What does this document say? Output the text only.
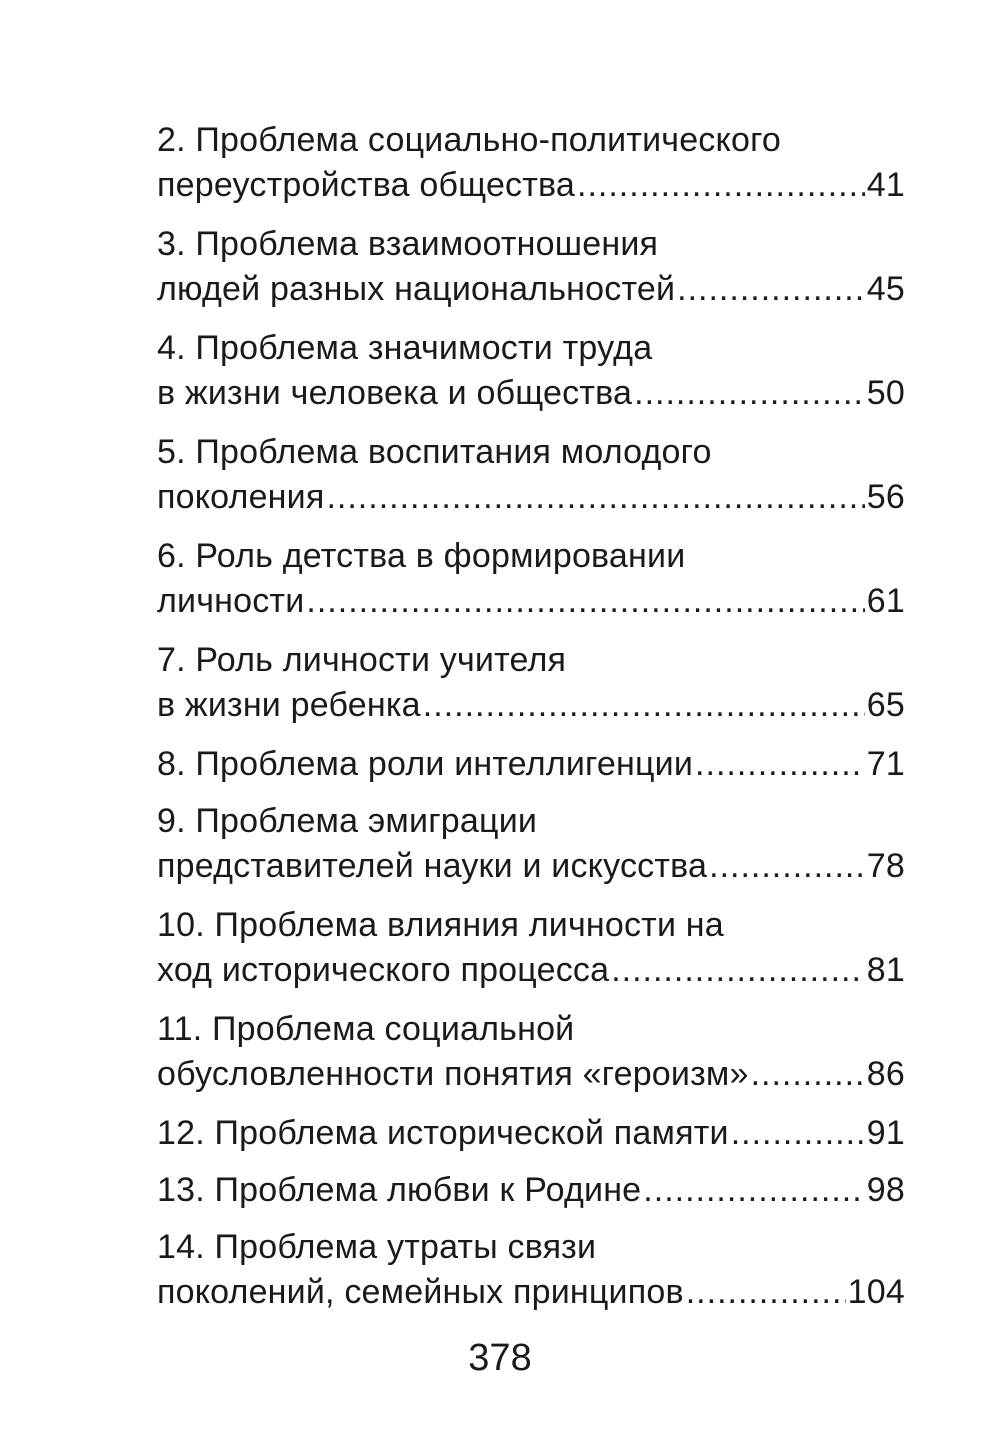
2. Проблема социально-политического
переустройства общества .....	41
3. Проблема взаимоотношения
людей разных национальностей .....	45
4. Проблема значимости труда
в жизни человека и общества .....	50
5. Проблема воспитания молодого
поколения .....	56
6. Роль детства в формировании
личности .....	61
7. Роль личности учителя
в жизни ребенка .....	65
8. Проблема роли интеллигенции .....	71
9. Проблема эмиграции
представителей науки и искусства .....	78
10. Проблема влияния личности на
ход исторического процесса .....	81
11. Проблема социальной
обусловленности понятия «героизм» .....	86
12. Проблема исторической памяти .....	91
13. Проблема любви к Родине .....	98
14. Проблема утраты связи
поколений, семейных принципов .....	104
378
